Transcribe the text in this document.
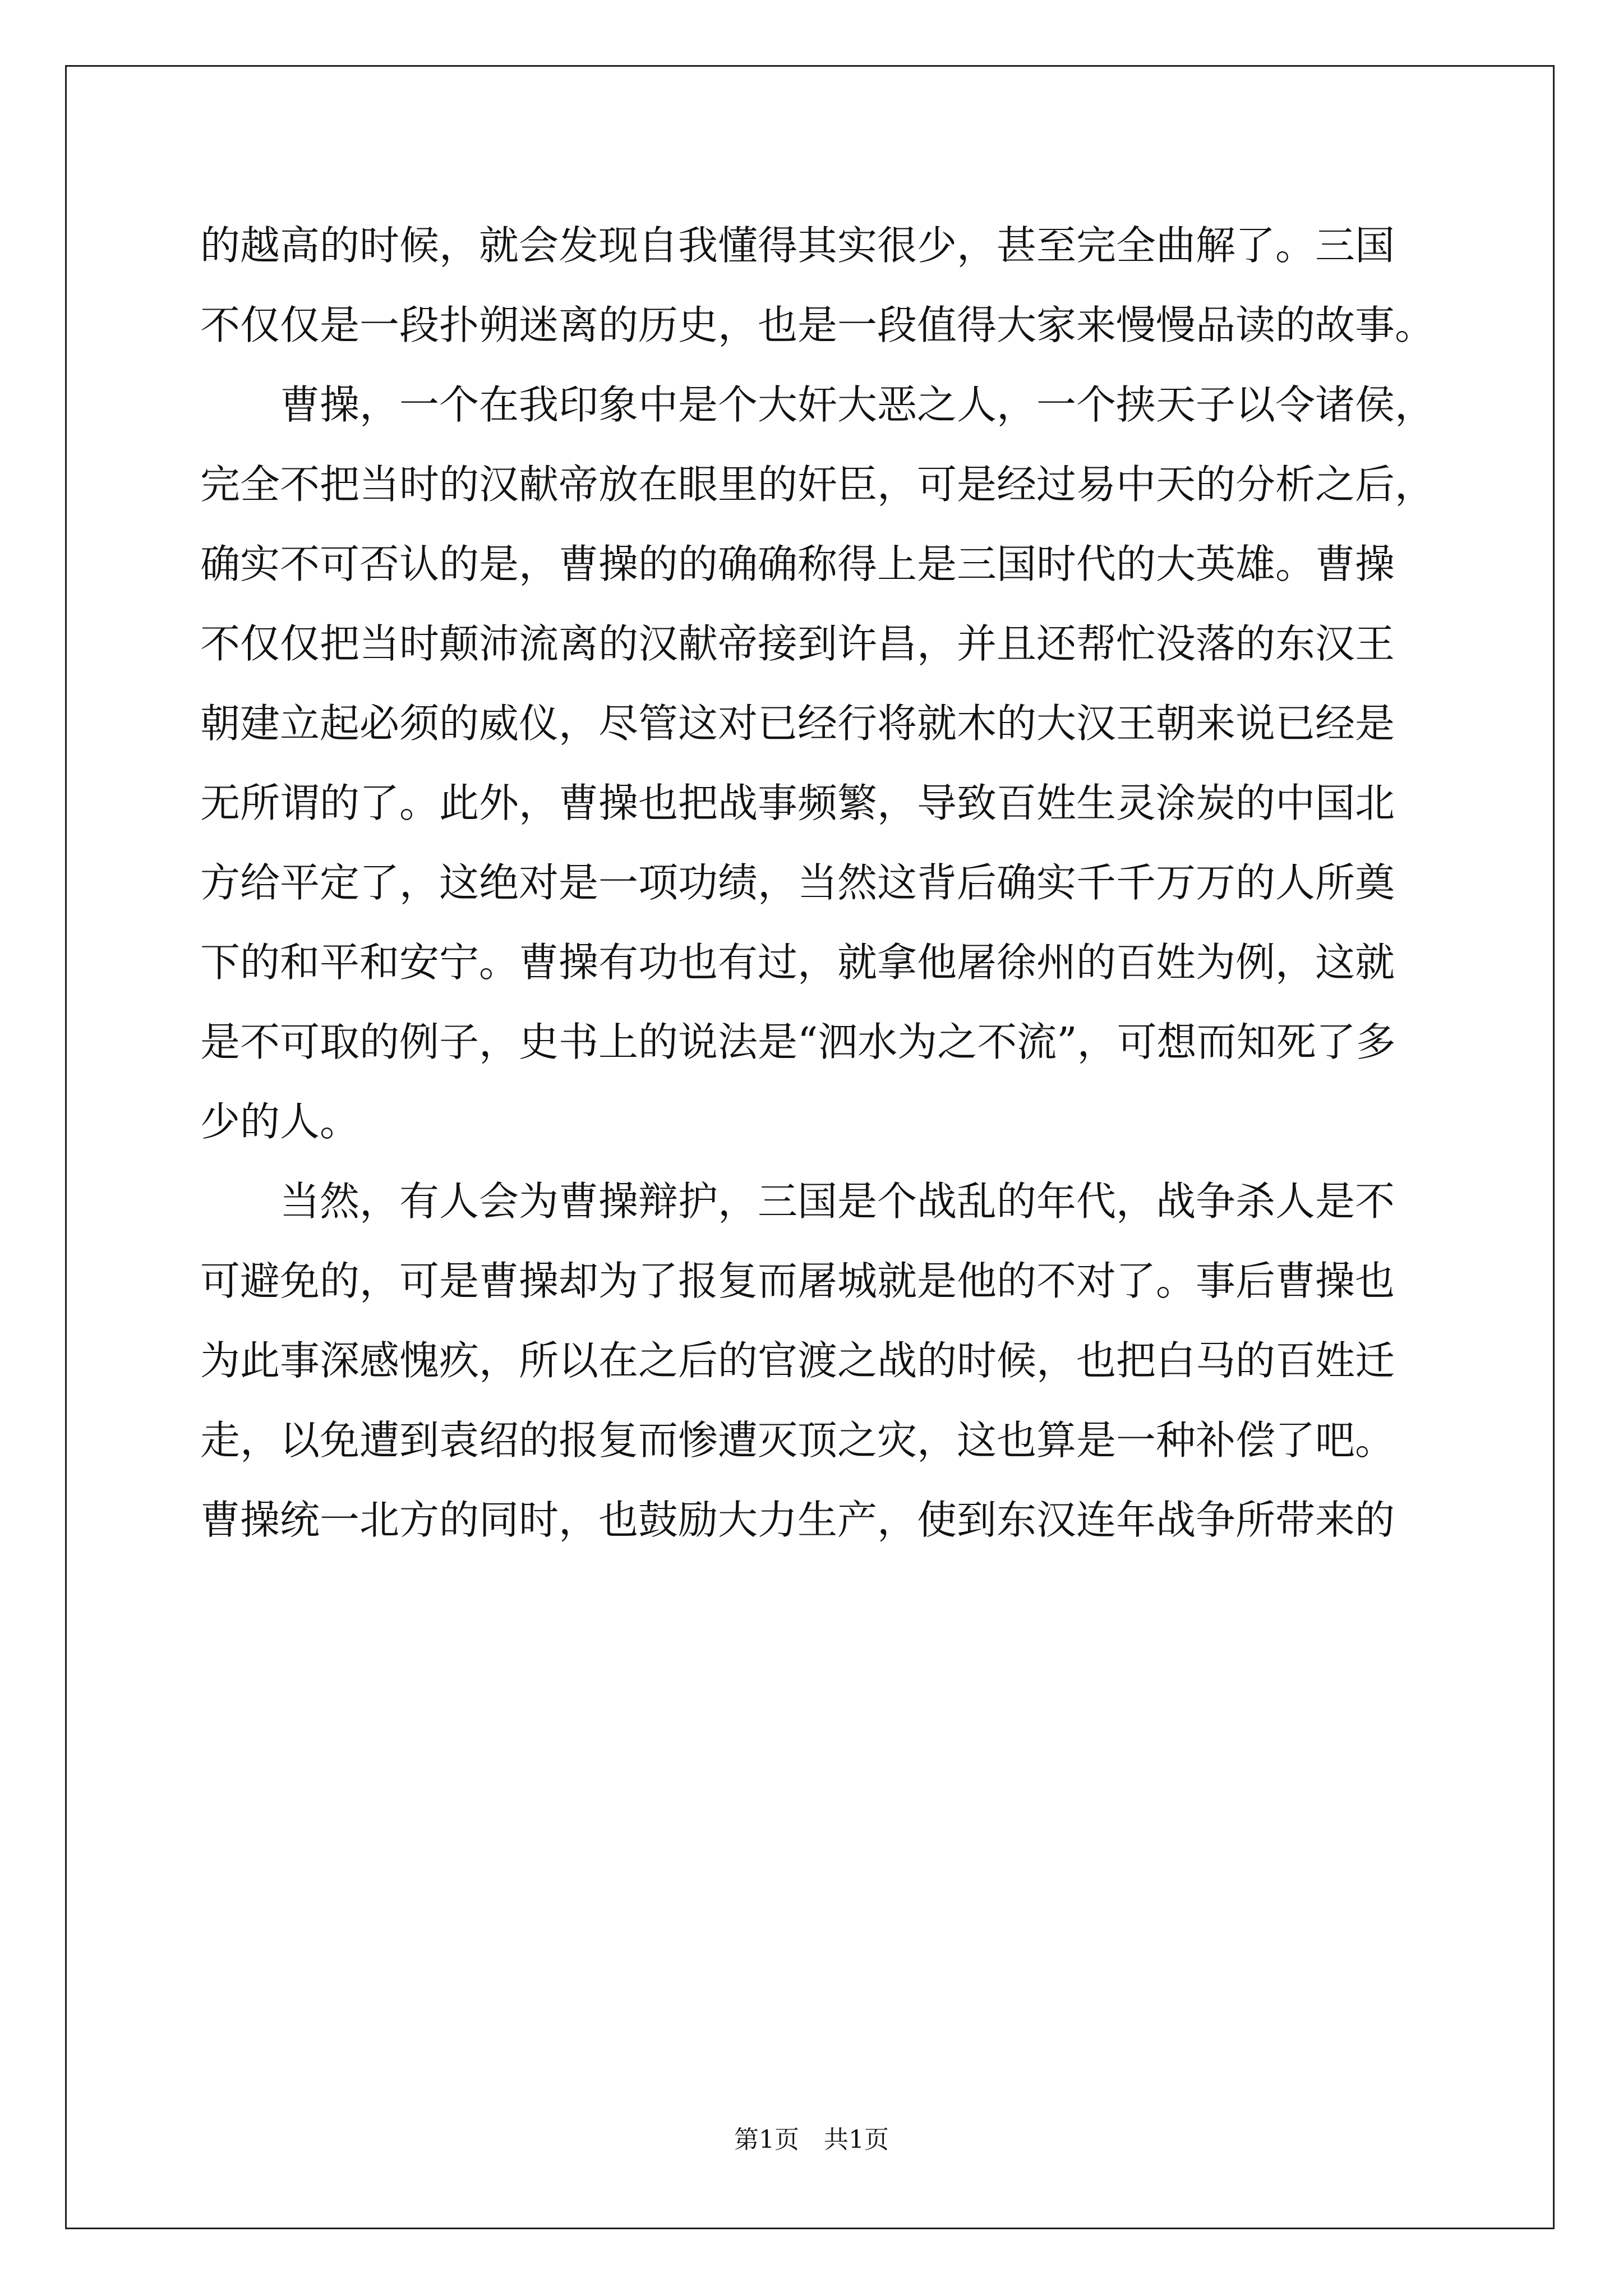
的越高的时候，就会发现自我懂得其实很少，甚至完全曲解了。三国
不仅仅是一段扑朔迷离的历史，也是一段值得大家来慢慢品读的故事。
曹操，一个在我印象中是个大奸大恶之人，一个挟天子以令诸侯，
完全不把当时的汉献帝放在眼里的奸臣，可是经过易中天的分析之后，
确实不可否认的是，曹操的的确确称得上是三国时代的大英雄。曹操
不仅仅把当时颠沛流离的汉献帝接到许昌，并且还帮忙没落的东汉王
朝建立起必须的威仪，尽管这对已经行将就木的大汉王朝来说已经是
无所谓的了。此外，曹操也把战事频繁，导致百姓生灵涂炭的中国北
方给平定了，这绝对是一项功绩，当然这背后确实千千万万的人所奠
下的和平和安宁。曹操有功也有过，就拿他屠徐州的百姓为例，这就
是不可取的例子，史书上的说法是“泗水为之不流”，可想而知死了多
少的人。
当然，有人会为曹操辩护，三国是个战乱的年代，战争杀人是不
可避免的，可是曹操却为了报复而屠城就是他的不对了。事后曹操也
为此事深感愧疚，所以在之后的官渡之战的时候，也把白马的百姓迁
走，以免遭到袁绍的报复而惨遭灭顶之灾，这也算是一种补偿了吧。
曹操统一北方的同时，也鼓励大力生产，使到东汉连年战争所带来的
第1页　共1页
